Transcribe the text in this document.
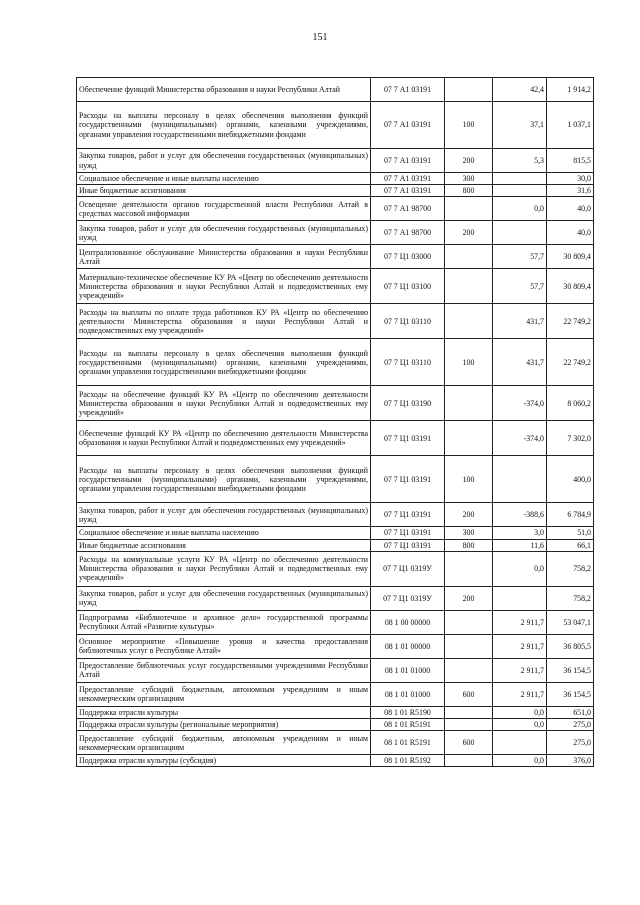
151
Обеспечение функций Министерства образования и науки Республики Алтай	07 7 А1 03191		42,4	1 914,2
Расходы на выплаты персоналу в целях обеспечения выполнения функций государственными (муниципальными) органами, казенными учреждениями, органами управления государственными внебюджетными фондами	07 7 А1 03191	100	37,1	1 037,1
Закупка товаров, работ и услуг для обеспечения государственных (муниципальных) нужд	07 7 А1 03191	200	5,3	815,5
Социальное обеспечение и иные выплаты населению	07 7 А1 03191	300		30,0
Иные бюджетные ассигнования	07 7 А1 03191	800		31,6
Освещение деятельности органов государственной власти Республики Алтай в средствах массовой информации	07 7 А1 98700		0,0	40,0
Закупка товаров, работ и услуг для обеспечения государственных (муниципальных) нужд	07 7 А1 98700	200		40,0
Централизованное обслуживание Министерства образования и науки Республики Алтай	07 7 Ц1 03000		57,7	30 809,4
Материально-техническое обеспечение КУ РА «Центр по обеспечению деятельности Министерства образования и науки Республики Алтай и подведомственных ему учреждений»	07 7 Ц1 03100		57,7	30 809,4
Расходы на выплаты по оплате труда работников КУ РА «Центр по обеспечению деятельности Министерства образования и науки Республики Алтай и подведомственных ему учреждений»	07 7 Ц1 03110		431,7	22 749,2
Расходы на выплаты персоналу в целях обеспечения выполнения функций государственными (муниципальными) органами, казенными учреждениями, органами управления государственными внебюджетными фондами	07 7 Ц1 03110	100	431,7	22 749,2
Расходы на обеспечение функций КУ РА «Центр по обеспечению деятельности Министерства образования и науки Республики Алтай и подведомственных ему учреждений»	07 7 Ц1 03190		-374,0	8 060,2
Обеспечение функций КУ РА «Центр по обеспечению деятельности Министерства образования и науки Республики Алтай и подведомственных ему учреждений»	07 7 Ц1 03191		-374,0	7 302,0
Расходы на выплаты персоналу в целях обеспечения выполнения функций государственными (муниципальными) органами, казенными учреждениями, органами управления государственными внебюджетными фондами	07 7 Ц1 03191	100		400,0
Закупка товаров, работ и услуг для обеспечения государственных (муниципальных) нужд	07 7 Ц1 03191	200	-388,6	6 784,9
Социальное обеспечение и иные выплаты населению	07 7 Ц1 03191	300	3,0	51,0
Иные бюджетные ассигнования	07 7 Ц1 03191	800	11,6	66,1
Расходы на коммунальные услуги КУ РА «Центр по обеспечению деятельности Министерства образования и науки Республики Алтай и подведомственных ему учреждений»	07 7 Ц1 0319У		0,0	758,2
Закупка товаров, работ и услуг для обеспечения государственных (муниципальных) нужд	07 7 Ц1 0319У	200		758,2
Подпрограмма «Библиотечное и архивное дело» государственной программы Республики Алтай «Развитие культуры»	08 1 00 00000		2 911,7	53 047,1
Основное мероприятие «Повышение уровня и качества предоставления библиотечных услуг в Республике Алтай»	08 1 01 00000		2 911,7	36 805,5
Предоставление библиотечных услуг государственными учреждениями Республики Алтай	08 1 01 01000		2 911,7	36 154,5
Предоставление субсидий бюджетным, автономным учреждениям и иным некоммерческим организациям	08 1 01 01000	600	2 911,7	36 154,5
Поддержка отрасли культуры	08 1 01 R5190		0,0	651,0
Поддержка отрасли культуры (региональные мероприятия)	08 1 01 R5191		0,0	275,0
Предоставление субсидий бюджетным, автономным учреждениям и иным некоммерческим организациям	08 1 01 R5191	600		275,0
Поддержка отрасли культуры (субсидия)	08 1 01 R5192		0,0	376,0
